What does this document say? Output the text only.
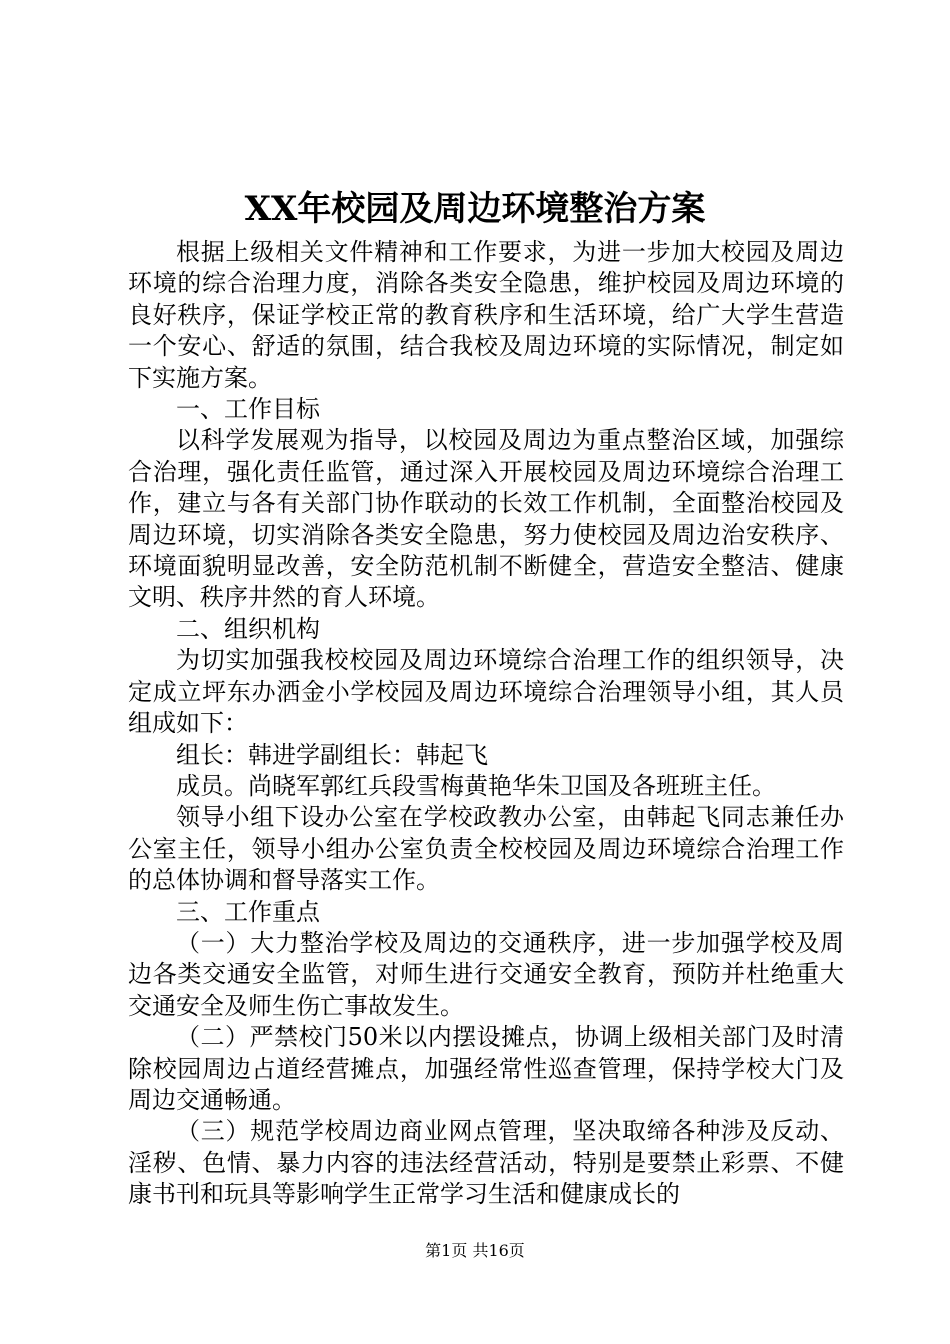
XX年校园及周边环境整治方案

根据上级相关文件精神和工作要求，为进一步加大校园及周边环境的综合治理力度，消除各类安全隐患，维护校园及周边环境的良好秩序，保证学校正常的教育秩序和生活环境，给广大学生营造一个安心、舒适的氛围，结合我校及周边环境的实际情况，制定如下实施方案。

一、工作目标

以科学发展观为指导，以校园及周边为重点整治区域，加强综合治理，强化责任监管，通过深入开展校园及周边环境综合治理工作，建立与各有关部门协作联动的长效工作机制，全面整治校园及周边环境，切实消除各类安全隐患，努力使校园及周边治安秩序、环境面貌明显改善，安全防范机制不断健全，营造安全整洁、健康文明、秩序井然的育人环境。

二、组织机构

为切实加强我校校园及周边环境综合治理工作的组织领导，决定成立坪东办洒金小学校园及周边环境综合治理领导小组，其人员组成如下：

组长：韩进学副组长：韩起飞

成员。尚晓军郭红兵段雪梅黄艳华朱卫国及各班班主任。

领导小组下设办公室在学校政教办公室，由韩起飞同志兼任办公室主任，领导小组办公室负责全校校园及周边环境综合治理工作的总体协调和督导落实工作。

三、工作重点

（一）大力整治学校及周边的交通秩序，进一步加强学校及周边各类交通安全监管，对师生进行交通安全教育，预防并杜绝重大交通安全及师生伤亡事故发生。

（二）严禁校门50米以内摆设摊点，协调上级相关部门及时清除校园周边占道经营摊点，加强经常性巡查管理，保持学校大门及周边交通畅通。

（三）规范学校周边商业网点管理，坚决取缔各种涉及反动、淫秽、色情、暴力内容的违法经营活动，特别是要禁止彩票、不健康书刊和玩具等影响学生正常学习生活和健康成长的

第1页 共16页
